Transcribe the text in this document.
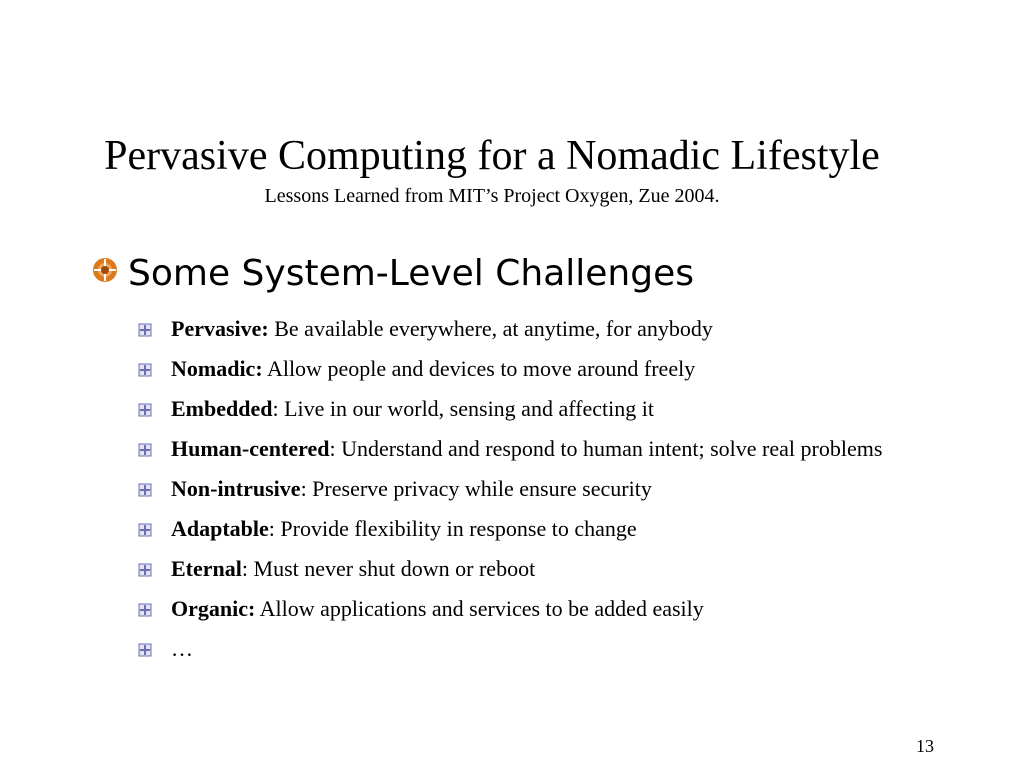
Pervasive Computing for a Nomadic Lifestyle
Lessons Learned from MIT’s Project Oxygen, Zue 2004.
Some System-Level Challenges
Pervasive: Be available everywhere, at anytime, for anybody
Nomadic: Allow people and devices to move around freely
Embedded: Live in our world, sensing and affecting it
Human-centered: Understand and respond to human intent; solve real problems
Non-intrusive: Preserve privacy while ensure security
Adaptable: Provide flexibility in response to change
Eternal: Must never shut down or reboot
Organic: Allow applications and services to be added easily
…
13
